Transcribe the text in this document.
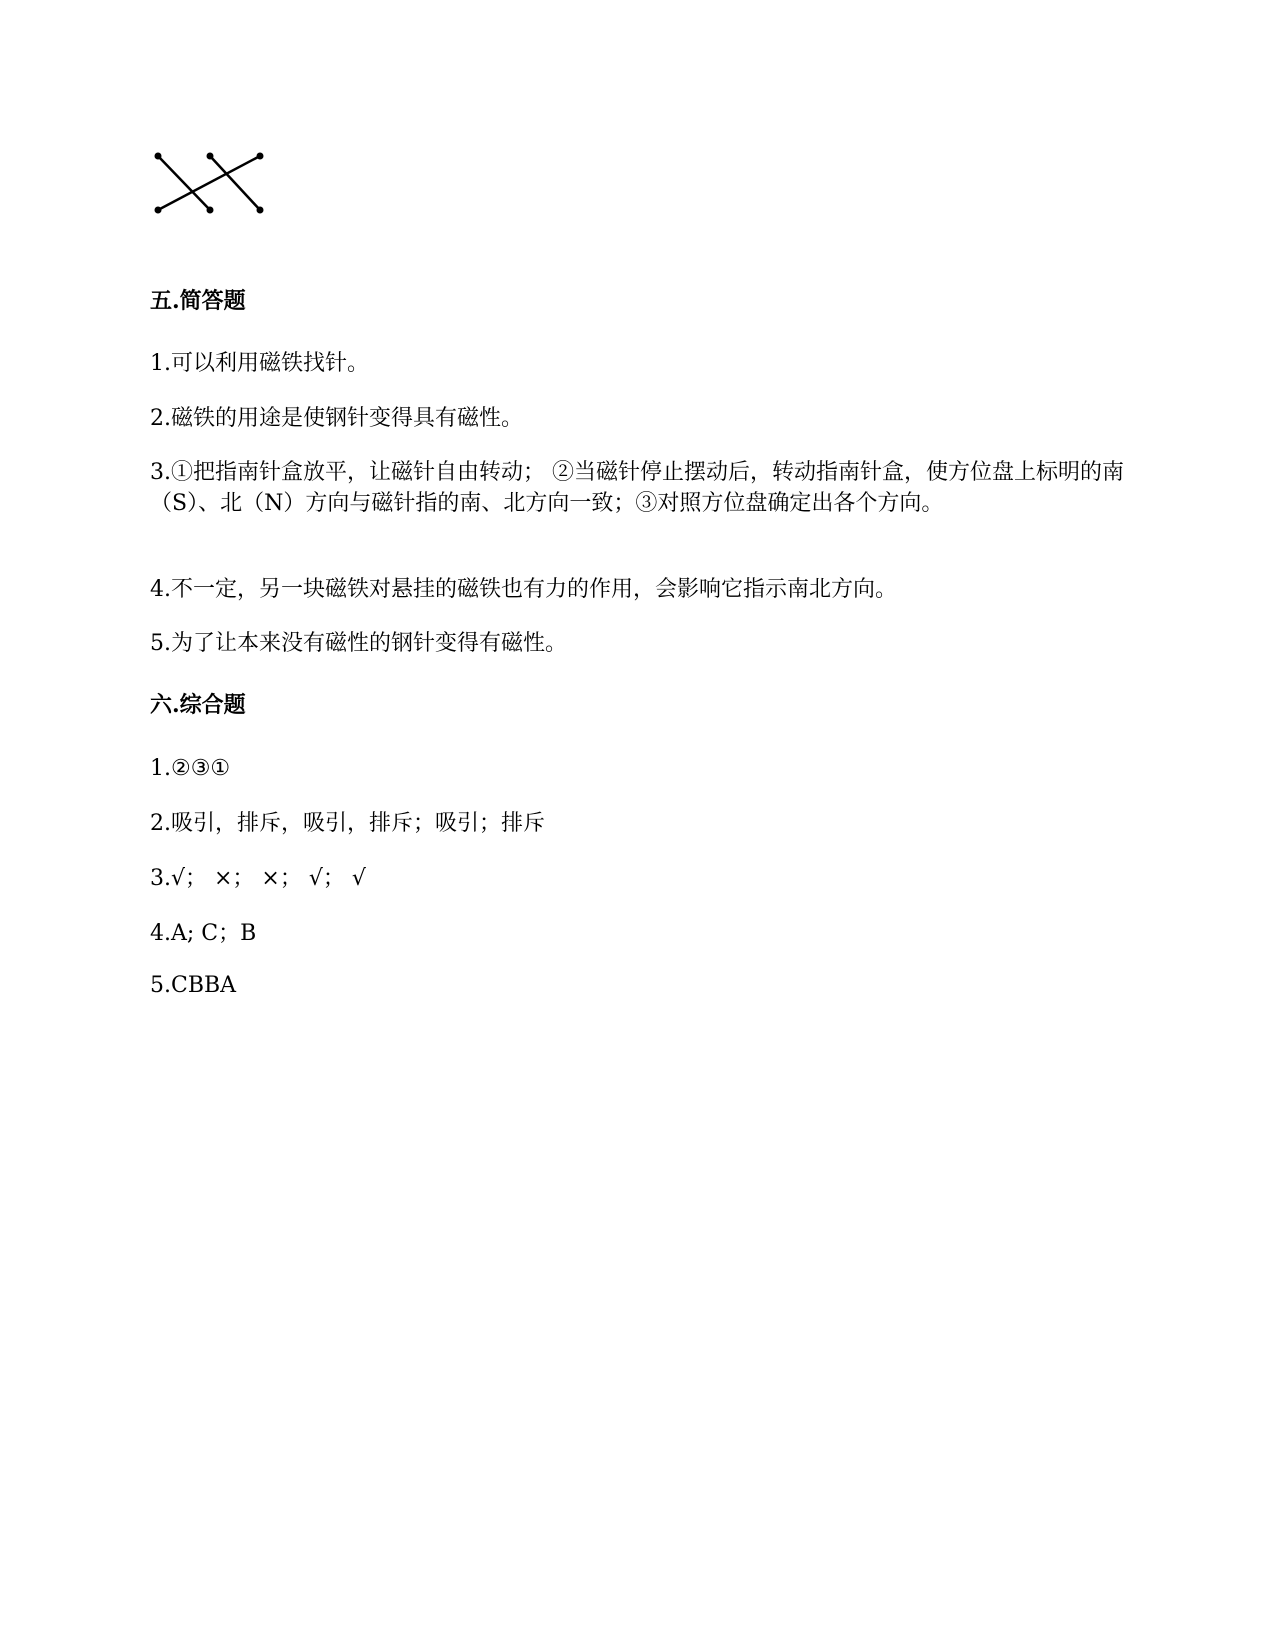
五.简答题

1.可以利用磁铁找针。

2.磁铁的用途是使钢针变得具有磁性。

3.①把指南针盒放平，让磁针自由转动； ②当磁针停止摆动后，转动指南针盒，使方位盘上标明的南（S）、北（N）方向与磁针指的南、北方向一致；③对照方位盘确定出各个方向。

4.不一定，另一块磁铁对悬挂的磁铁也有力的作用，会影响它指示南北方向。

5.为了让本来没有磁性的钢针变得有磁性。

六.综合题

1.②③①

2.吸引，排斥，吸引，排斥；吸引；排斥

3.√； ×； ×； √； √

4.A; C；B

5.CBBA
